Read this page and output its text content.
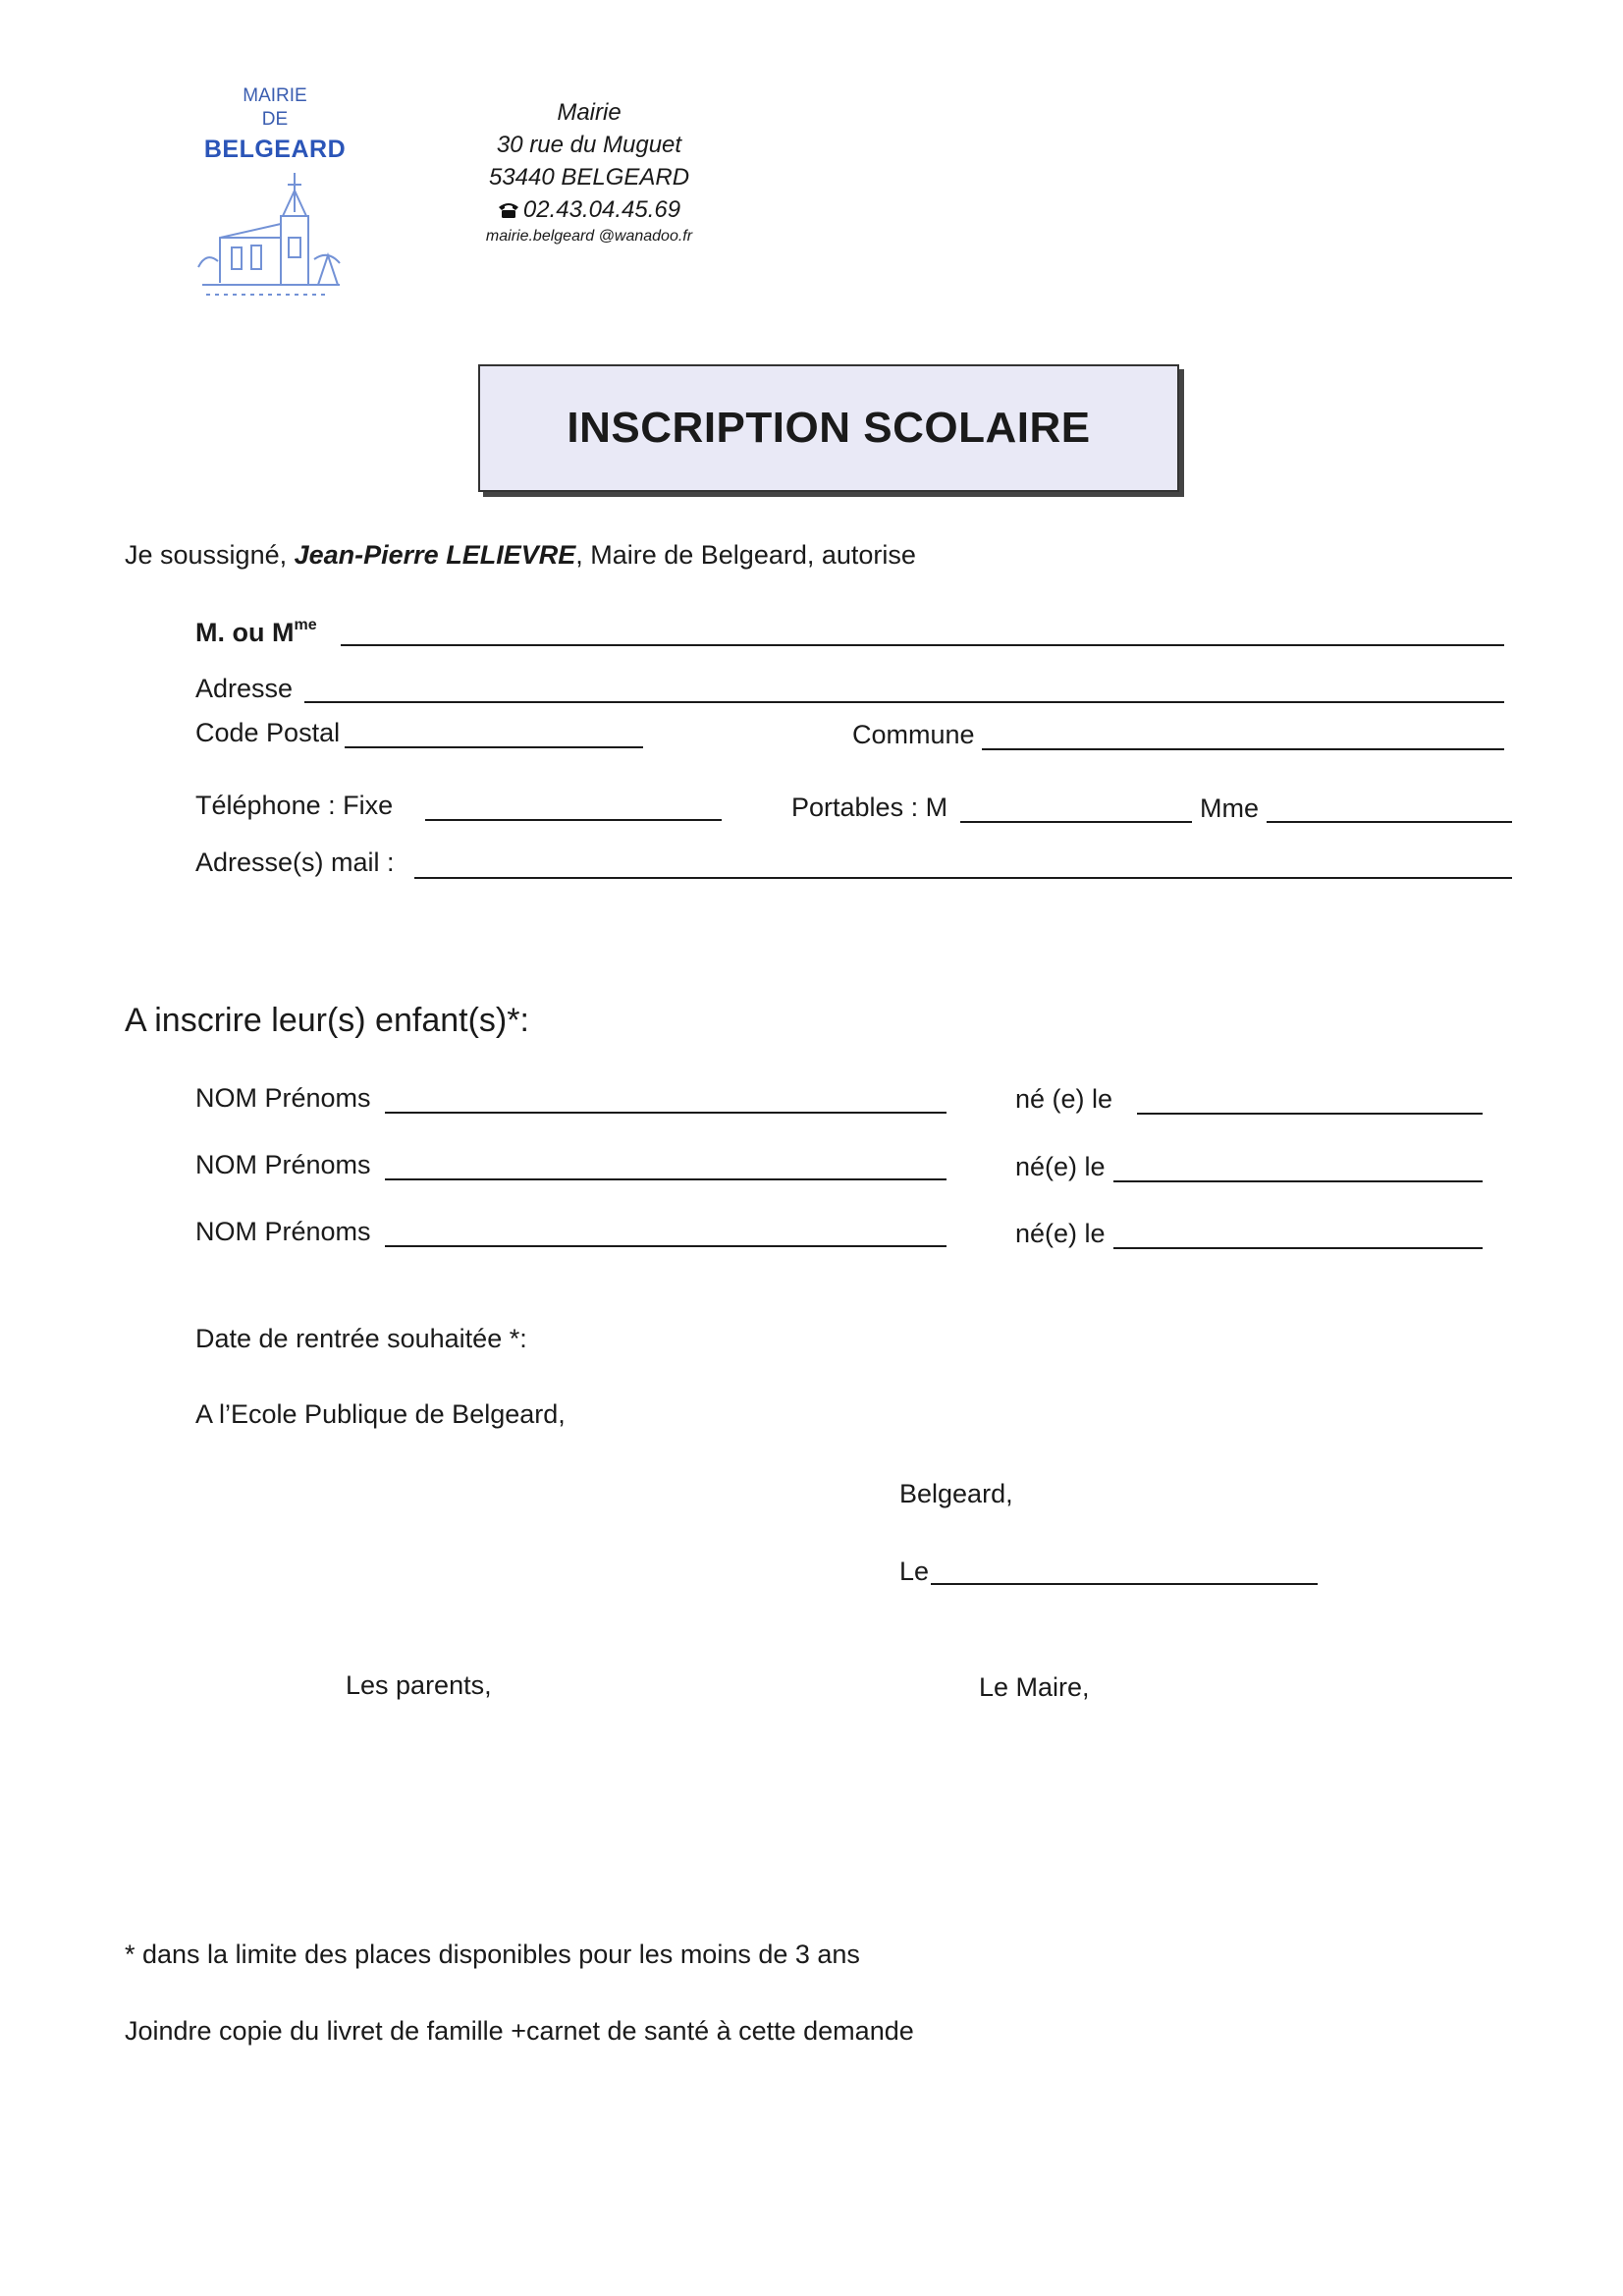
MAIRIE
DE
BELGEARD
Mairie
30 rue du Muguet
53440 BELGEARD
02.43.04.45.69
mairie.belgeard @wanadoo.fr
INSCRIPTION SCOLAIRE
Je soussigné, Jean-Pierre LELIEVRE, Maire de Belgeard, autorise
M. ou $M^{me}$
Adresse
Code Postal	Commune
Téléphone : Fixe	Portables : M	Mme
Adresse(s) mail :
A inscrire leur(s) enfant(s)*:
NOM Prénoms	né (e) le
NOM Prénoms	né(e) le
NOM Prénoms	né(e) le
Date de rentrée souhaitée *:
A l’Ecole Publique de Belgeard,
Belgeard,
Le
Les parents,	Le Maire,
* dans la limite des places disponibles pour les moins de 3 ans
Joindre copie du livret de famille +carnet de santé à cette demande
